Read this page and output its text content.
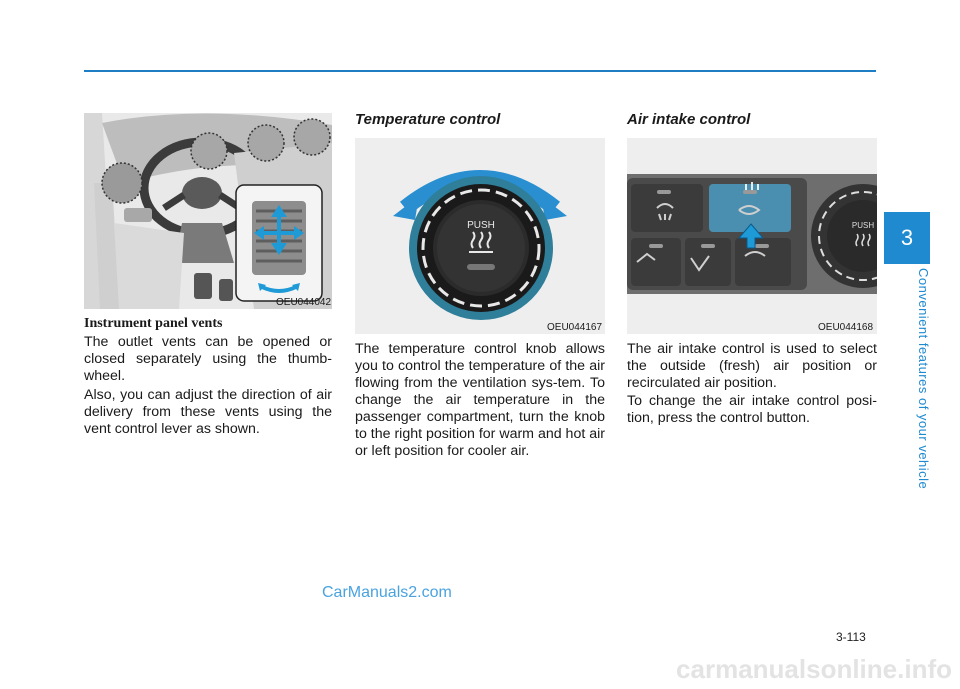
3
Convenient features of your vehicle
OEU044042
Instrument panel vents

The outlet vents can be opened or closed separately using the thumb-wheel.

Also, you can adjust the direction of air delivery from these vents using the vent control lever as shown.

Temperature control
PUSH
OEU044167

The temperature control knob allows you to control the temperature of the air flowing from the ventilation sys-tem. To change the air temperature in the passenger compartment, turn the knob to the right position for warm and hot air or left position for cooler air.

Air intake control
PUSH
OEU044168

The air intake control is used to select the outside (fresh) air position or recirculated air position.

To change the air intake control posi-tion, press the control button.

CarManuals2.com
3-113
carmanualsonline.info
